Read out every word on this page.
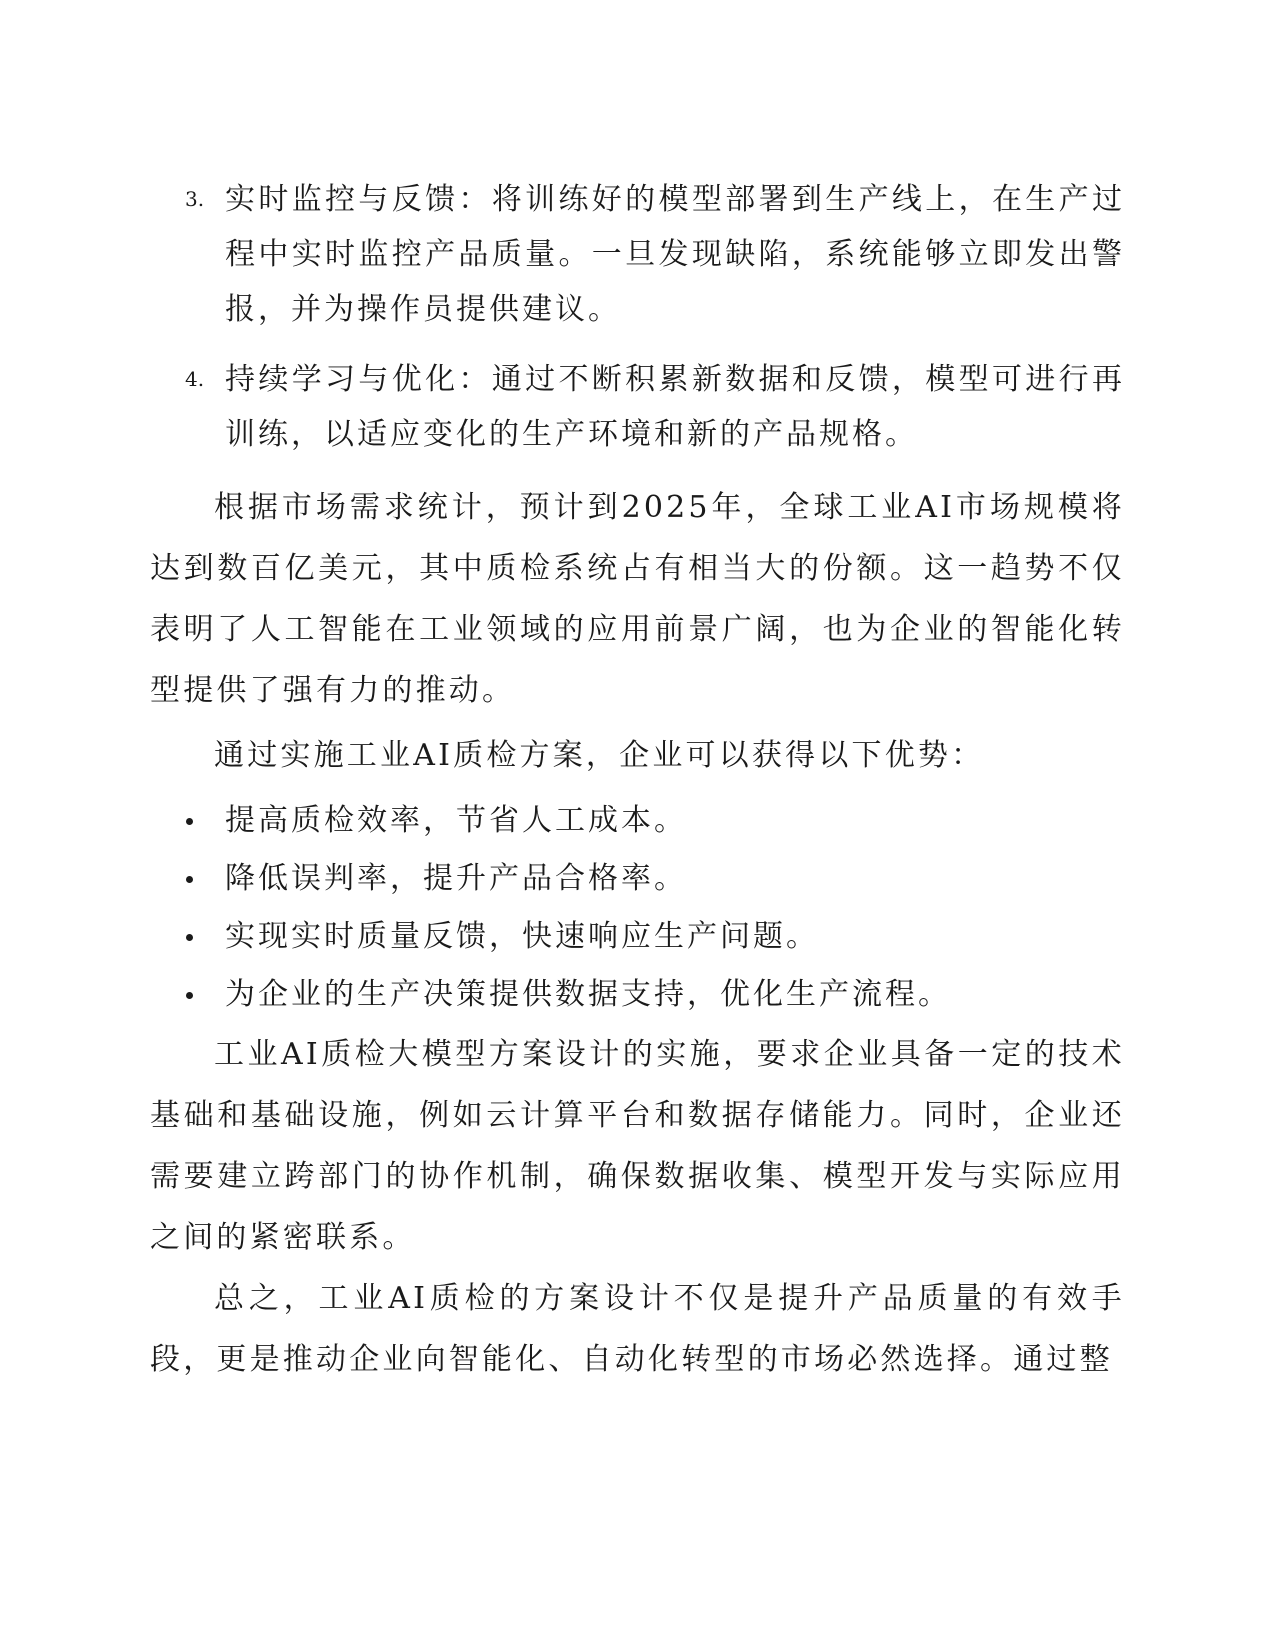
3. 实时监控与反馈：将训练好的模型部署到生产线上，在生产过程中实时监控产品质量。一旦发现缺陷，系统能够立即发出警报，并为操作员提供建议。
4. 持续学习与优化：通过不断积累新数据和反馈，模型可进行再训练，以适应变化的生产环境和新的产品规格。

根据市场需求统计，预计到2025年，全球工业AI市场规模将达到数百亿美元，其中质检系统占有相当大的份额。这一趋势不仅表明了人工智能在工业领域的应用前景广阔，也为企业的智能化转型提供了强有力的推动。

通过实施工业AI质检方案，企业可以获得以下优势：

提高质检效率，节省人工成本。
降低误判率，提升产品合格率。
实现实时质量反馈，快速响应生产问题。
为企业的生产决策提供数据支持，优化生产流程。

工业AI质检大模型方案设计的实施，要求企业具备一定的技术基础和基础设施，例如云计算平台和数据存储能力。同时，企业还需要建立跨部门的协作机制，确保数据收集、模型开发与实际应用之间的紧密联系。

总之，工业AI质检的方案设计不仅是提升产品质量的有效手段，更是推动企业向智能化、自动化转型的市场必然选择。通过整
